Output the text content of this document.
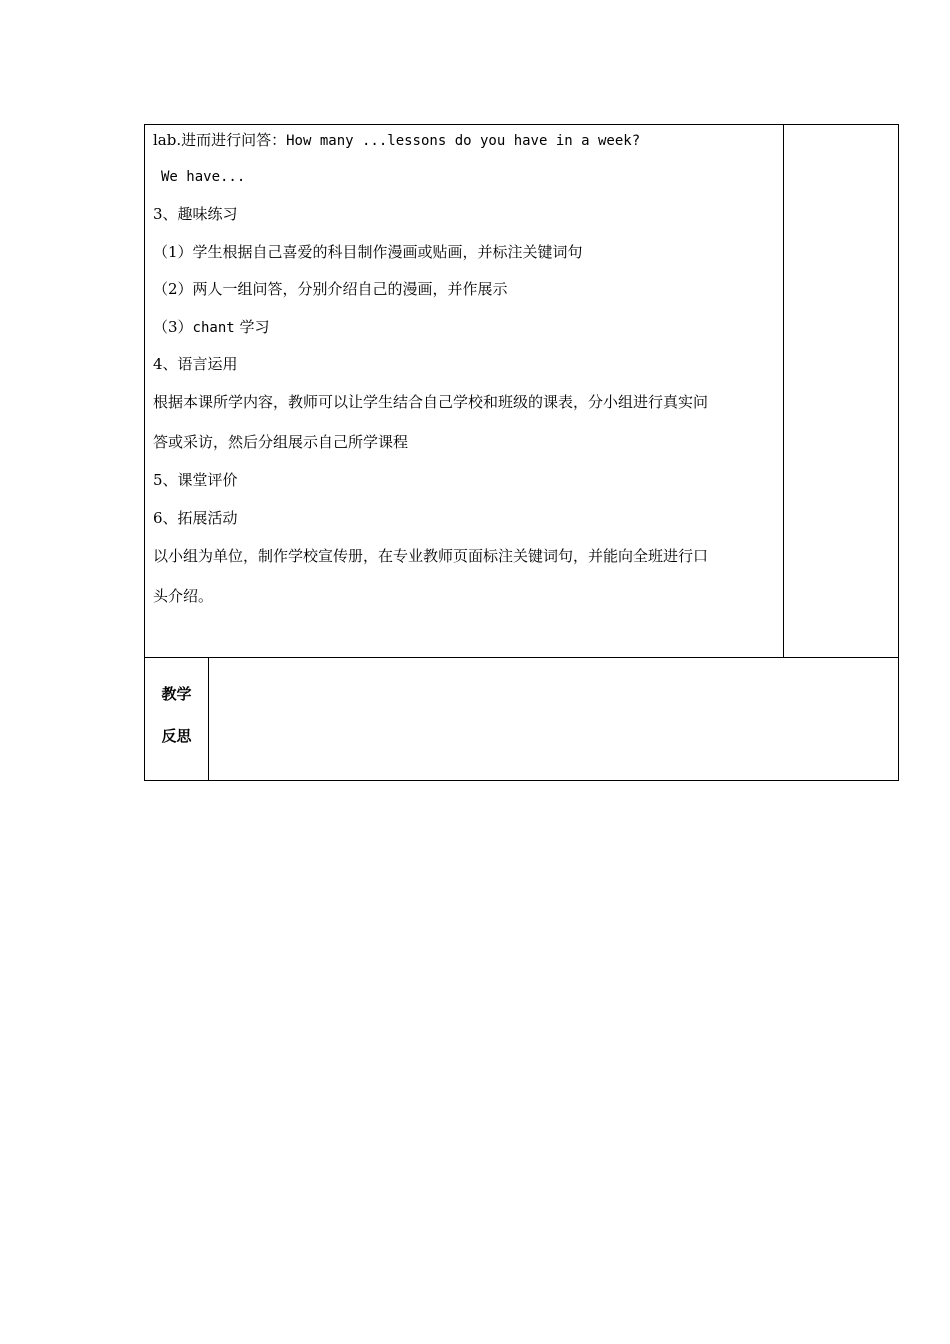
lab.进而进行问答：How many ...lessons do you have in a week?
We have...
3、趣味练习
（1）学生根据自己喜爱的科目制作漫画或贴画，并标注关键词句
（2）两人一组问答，分别介绍自己的漫画，并作展示
（3）chant 学习
4、语言运用
根据本课所学内容，教师可以让学生结合自己学校和班级的课表，分小组进行真实问
答或采访，然后分组展示自己所学课程
5、课堂评价
6、拓展活动
以小组为单位，制作学校宣传册，在专业教师页面标注关键词句，并能向全班进行口
头介绍。
教学
反思
